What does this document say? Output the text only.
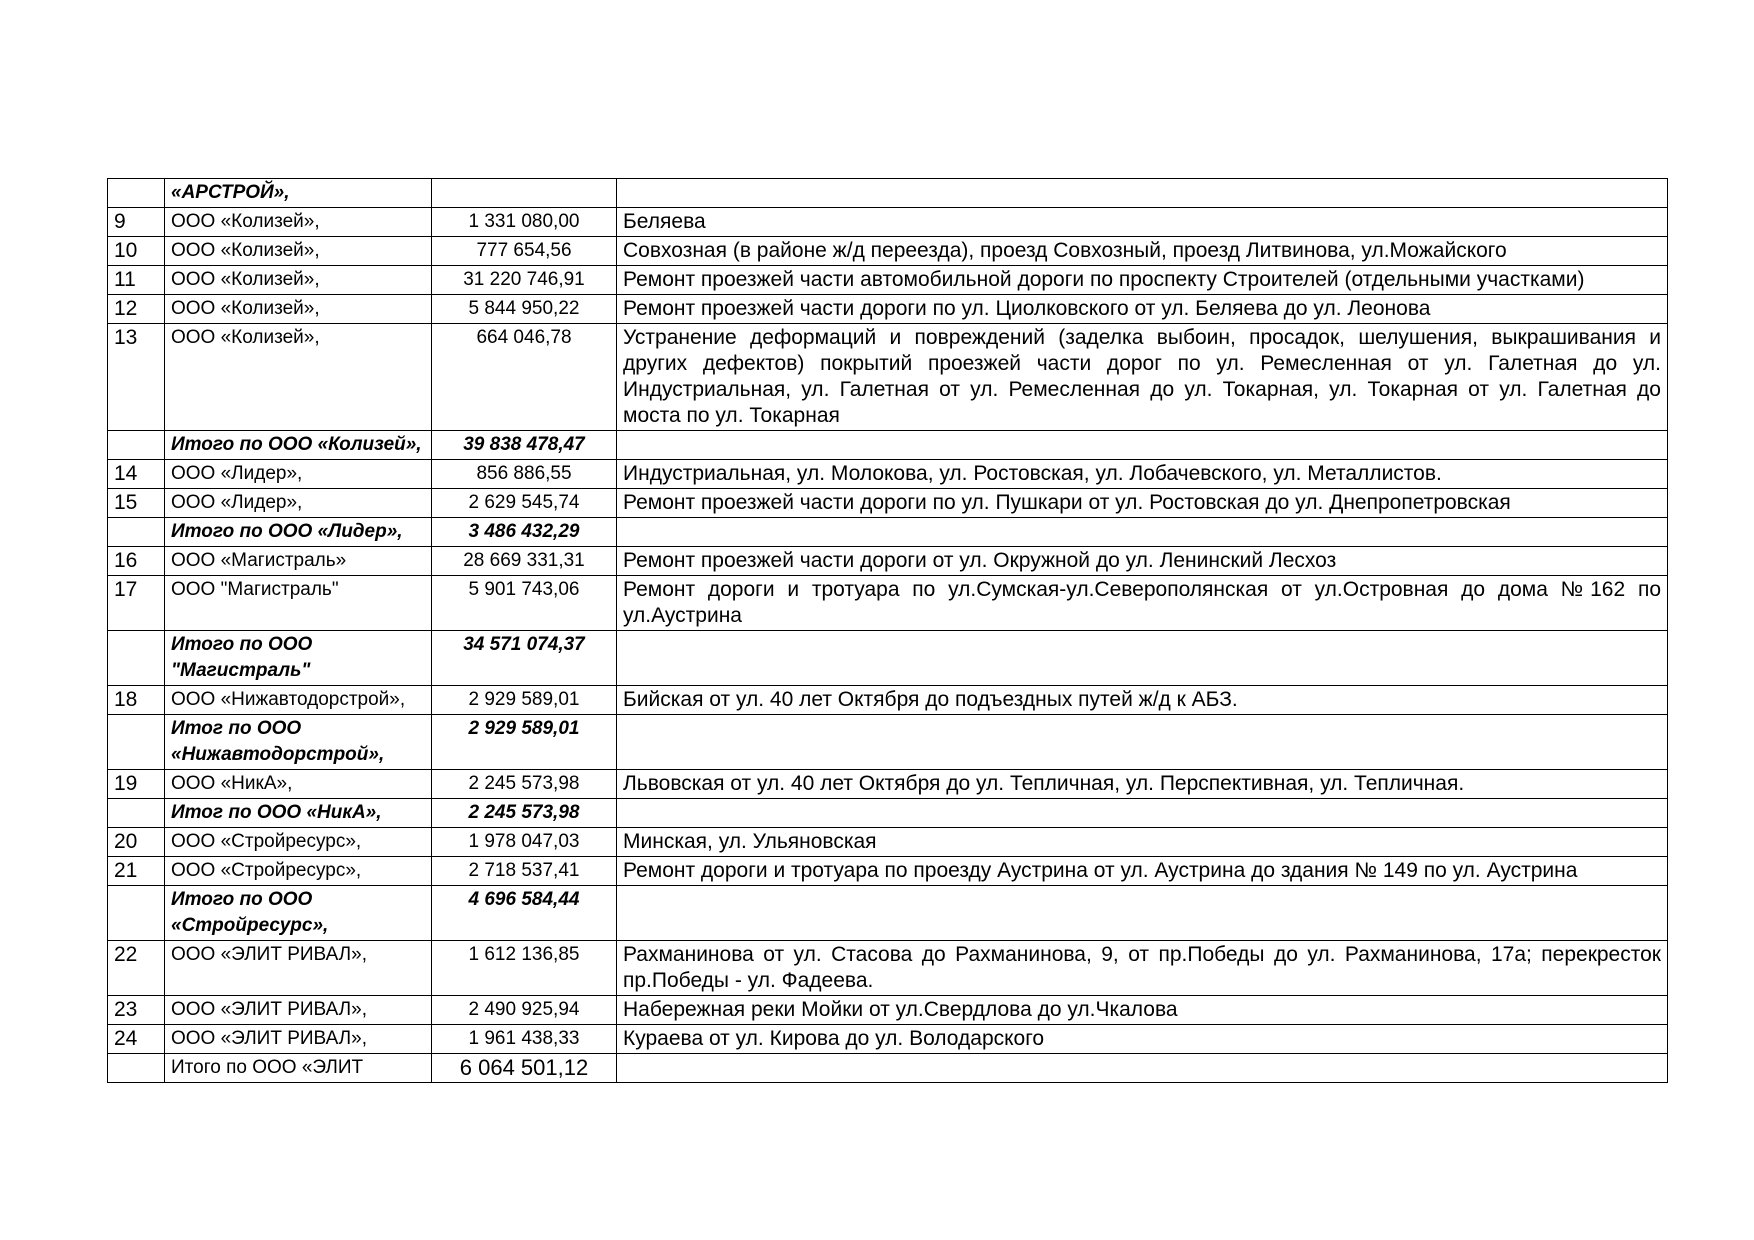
	«АРСТРОЙ»,		
9	ООО «Колизей»,	1 331 080,00	Беляева
10	ООО «Колизей»,	777 654,56	Совхозная (в районе ж/д переезда), проезд Совхозный, проезд Литвинова, ул.Можайского
11	ООО «Колизей»,	31 220 746,91	Ремонт проезжей части автомобильной дороги по проспекту Строителей (отдельными участками)
12	ООО «Колизей»,	5 844 950,22	Ремонт проезжей части дороги по ул. Циолковского от ул. Беляева до ул. Леонова
13	ООО «Колизей»,	664 046,78	Устранение деформаций и повреждений (заделка выбоин, просадок, шелушения, выкрашивания и других дефектов) покрытий проезжей части дорог по ул. Ремесленная от ул. Галетная до ул. Индустриальная, ул. Галетная от ул. Ремесленная до ул. Токарная, ул. Токарная от ул. Галетная до моста по ул. Токарная
	Итого по ООО «Колизей»,	39 838 478,47	
14	ООО «Лидер»,	856 886,55	Индустриальная, ул. Молокова, ул. Ростовская, ул. Лобачевского, ул. Металлистов.
15	ООО «Лидер»,	2 629 545,74	Ремонт проезжей части дороги по ул. Пушкари от ул. Ростовская до ул. Днепропетровская
	Итого по ООО «Лидер»,	3 486 432,29	
16	ООО «Магистраль»	28 669 331,31	Ремонт проезжей части дороги от ул. Окружной до ул. Ленинский Лесхоз
17	ООО "Магистраль"	5 901 743,06	Ремонт дороги и тротуара по ул.Сумская-ул.Северополянская от ул.Островная до дома №162 по ул.Аустрина
	Итого по ООО "Магистраль"	34 571 074,37	
18	ООО «Нижавтодорстрой»,	2 929 589,01	Бийская от ул. 40 лет Октября до подъездных путей ж/д к АБЗ.
	Итог по ООО «Нижавтодорстрой»,	2 929 589,01	
19	ООО «НикА»,	2 245 573,98	Львовская от ул. 40 лет Октября до ул. Тепличная, ул. Перспективная, ул. Тепличная.
	Итог по ООО «НикА»,	2 245 573,98	
20	ООО «Стройресурс»,	1 978 047,03	Минская, ул. Ульяновская
21	ООО «Стройресурс»,	2 718 537,41	Ремонт дороги и тротуара по проезду Аустрина от ул. Аустрина до здания № 149 по ул. Аустрина
	Итого по ООО «Стройресурс»,	4 696 584,44	
22	ООО «ЭЛИТ РИВАЛ»,	1 612 136,85	Рахманинова от ул. Стасова до Рахманинова, 9, от пр.Победы до ул. Рахманинова, 17а; перекресток пр.Победы - ул. Фадеева.
23	ООО «ЭЛИТ РИВАЛ»,	2 490 925,94	Набережная реки Мойки от ул.Свердлова до ул.Чкалова
24	ООО «ЭЛИТ РИВАЛ»,	1 961 438,33	Кураева от ул. Кирова до ул. Володарского
	Итого по ООО «ЭЛИТ	6 064 501,12	
